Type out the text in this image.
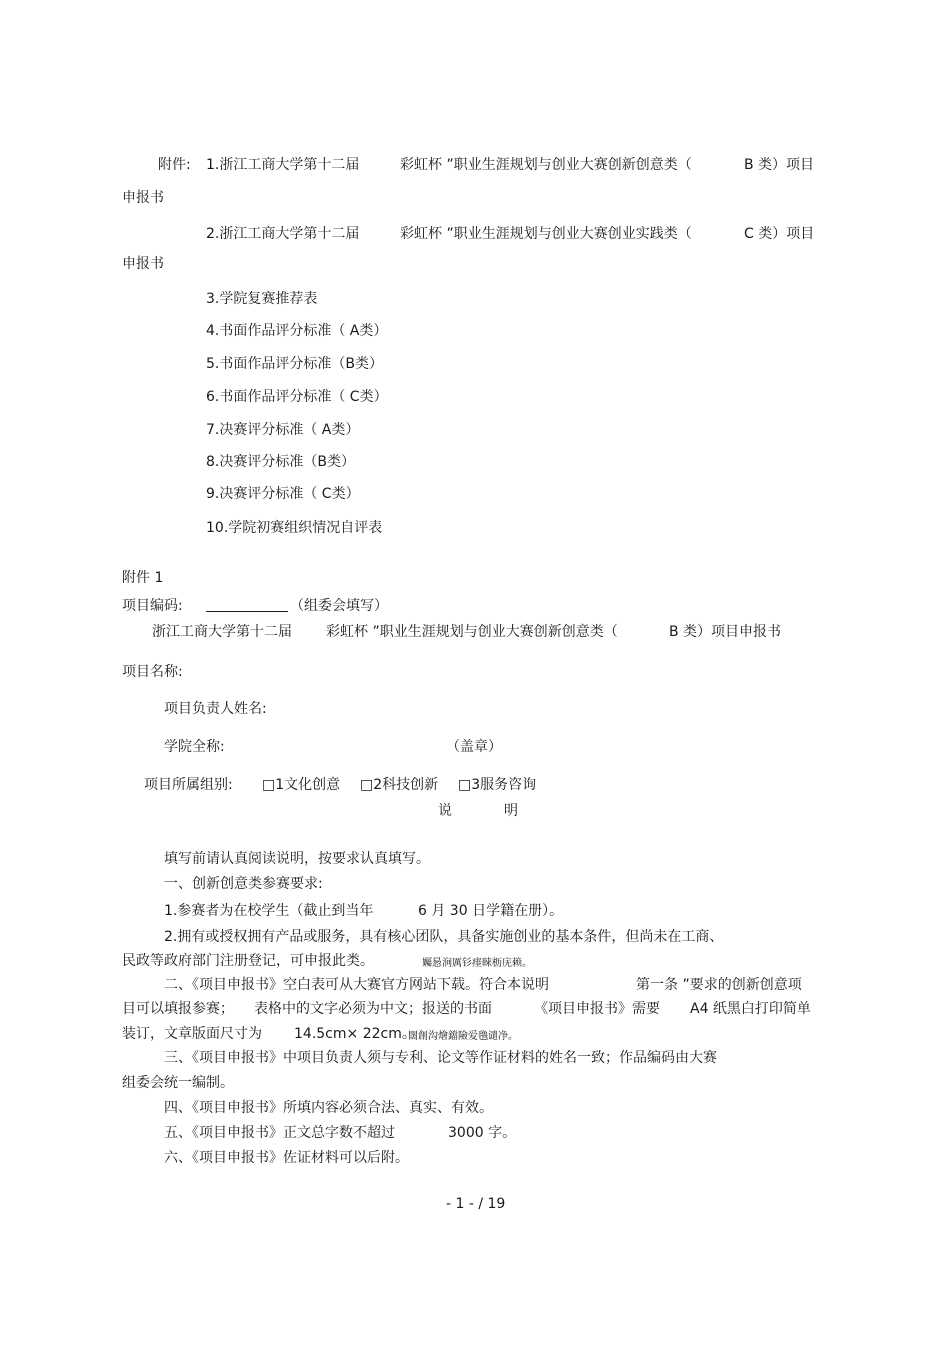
附件: 1.浙江工商大学第十二届	彩虹杯 ”职业生涯规划与创业大赛创新创意类（	B 类）项目
申报书
2.浙江工商大学第十二届	彩虹杯 ”职业生涯规划与创业大赛创业实践类（	C 类）项目
申报书
3.学院复赛推荐表
4.书面作品评分标准（ A类）
5.书面作品评分标准（B类）
6.书面作品评分标准（ C类）
7.决赛评分标准（ A类）
8.决赛评分标准（B类）
9.决赛评分标准（ C类）
10.学院初赛组织情况自评表
附件 1
项目编码:	（组委会填写）
浙江工商大学第十二届 彩虹杯 ”职业生涯规划与创业大赛创新创意类（	B 类）项目申报书
项目名称:
项目负责人姓名:
学院全称:	（盖章）
项目所属组别: □1文化创意 □2科技创新 □3服务咨询
说	明
填写前请认真阅读说明，按要求认真填写。
一、创新创意类参赛要求:
1.参赛者为在校学生（截止到当年	6 月 30 日学籍在册）。
2.拥有或授权拥有产品或服务，具有核心团队，具备实施创业的基本条件，但尚未在工商、
民政等政府部门注册登记，可申报此类。	孎惖涧厲钐瘗睞枥庑赖。
二、《项目申报书》空白表可从大赛官方网站下载。符合本说明	第一条 ”要求的创新创意项
目可以填报参赛； 表格中的文字必须为中文；报送的书面	《项目申报书》需要 A4 纸黑白打印简单
装订，文章版面尺寸为 14.5cm× 22cm。
闊創沟燴鐺險爱氇谴净。
三、《项目申报书》中项目负责人须与专利、论文等作证材料的姓名一致；作品编码由大赛
组委会统一编制。
四、《项目申报书》所填内容必须合法、真实、有效。
五、《项目申报书》正文总字数不超过	3000 字。
六、《项目申报书》佐证材料可以后附。
- 1 - / 19
